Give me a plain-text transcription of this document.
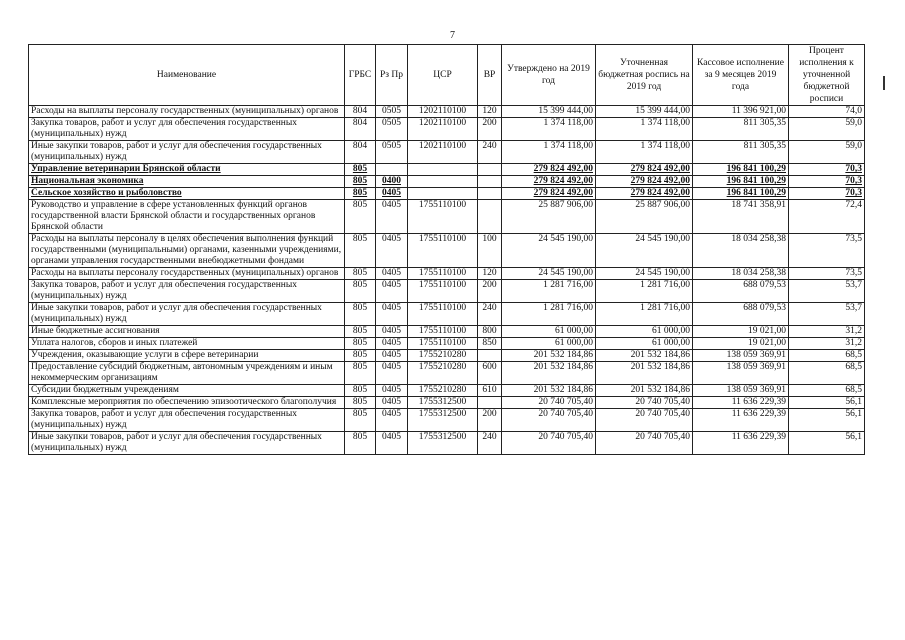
7
Наименование	ГРБС	Рз Пр	ЦСР	ВР	Утверждено на 2019 год	Уточненная бюджетная роспись на 2019 год	Кассовое исполнение за 9 месяцев 2019 года	Процент исполнения к уточненной бюджетной росписи
Расходы на выплаты персоналу государственных (муниципальных) органов	804	0505	1202110100	120	15 399 444,00	15 399 444,00	11 396 921,00	74,0
Закупка товаров, работ и услуг для обеспечения государственных (муниципальных) нужд	804	0505	1202110100	200	1 374 118,00	1 374 118,00	811 305,35	59,0
Иные закупки товаров, работ и услуг для обеспечения государственных (муниципальных) нужд	804	0505	1202110100	240	1 374 118,00	1 374 118,00	811 305,35	59,0
Управление ветеринарии Брянской области	805				279 824 492,00	279 824 492,00	196 841 100,29	70,3
Национальная экономика	805	0400			279 824 492,00	279 824 492,00	196 841 100,29	70,3
Сельское хозяйство и рыболовство	805	0405			279 824 492,00	279 824 492,00	196 841 100,29	70,3
Руководство и управление в сфере установленных функций органов государственной власти Брянской области и государственных органов Брянской области	805	0405	1755110100		25 887 906,00	25 887 906,00	18 741 358,91	72,4
Расходы на выплаты персоналу в целях обеспечения выполнения функций государственными (муниципальными) органами, казенными учреждениями, органами управления государственными внебюджетными фондами	805	0405	1755110100	100	24 545 190,00	24 545 190,00	18 034 258,38	73,5
Расходы на выплаты персоналу государственных (муниципальных) органов	805	0405	1755110100	120	24 545 190,00	24 545 190,00	18 034 258,38	73,5
Закупка товаров, работ и услуг для обеспечения государственных (муниципальных) нужд	805	0405	1755110100	200	1 281 716,00	1 281 716,00	688 079,53	53,7
Иные закупки товаров, работ и услуг для обеспечения государственных (муниципальных) нужд	805	0405	1755110100	240	1 281 716,00	1 281 716,00	688 079,53	53,7
Иные бюджетные ассигнования	805	0405	1755110100	800	61 000,00	61 000,00	19 021,00	31,2
Уплата налогов, сборов и иных платежей	805	0405	1755110100	850	61 000,00	61 000,00	19 021,00	31,2
Учреждения, оказывающие услуги в сфере ветеринарии	805	0405	1755210280		201 532 184,86	201 532 184,86	138 059 369,91	68,5
Предоставление субсидий бюджетным, автономным учреждениям и иным некоммерческим организациям	805	0405	1755210280	600	201 532 184,86	201 532 184,86	138 059 369,91	68,5
Субсидии бюджетным учреждениям	805	0405	1755210280	610	201 532 184,86	201 532 184,86	138 059 369,91	68,5
Комплексные мероприятия по обеспечению эпизоотического благополучия	805	0405	1755312500		20 740 705,40	20 740 705,40	11 636 229,39	56,1
Закупка товаров, работ и услуг для обеспечения государственных (муниципальных) нужд	805	0405	1755312500	200	20 740 705,40	20 740 705,40	11 636 229,39	56,1
Иные закупки товаров, работ и услуг для обеспечения государственных (муниципальных) нужд	805	0405	1755312500	240	20 740 705,40	20 740 705,40	11 636 229,39	56,1
